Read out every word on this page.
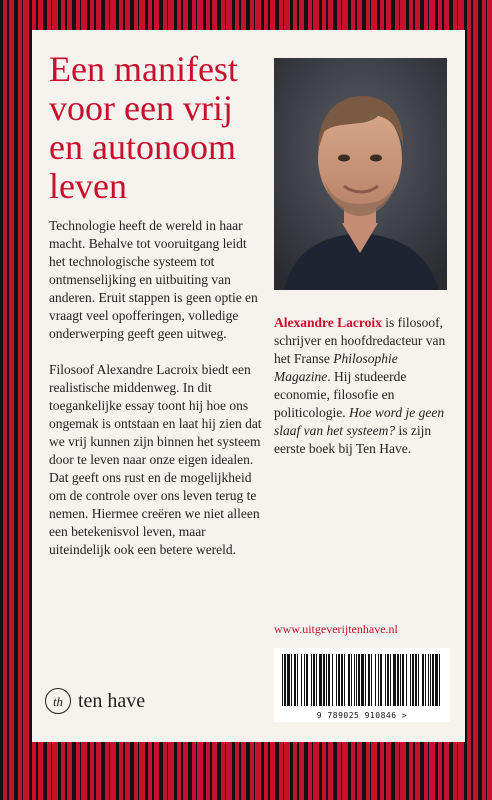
Een manifest voor een vrij en autonoom leven

Technologie heeft de wereld in haar macht. Behalve tot vooruitgang leidt het technologische systeem tot ontmenselijking en uitbuiting van anderen. Eruit stappen is geen optie en vraagt veel opofferingen, volledige onderwerping geeft geen uitweg.

Filosoof Alexandre Lacroix biedt een realistische middenweg. In dit toegankelijke essay toont hij hoe ons ongemak is ontstaan en laat hij zien dat we vrij kunnen zijn binnen het systeem door te leven naar onze eigen idealen. Dat geeft ons rust en de mogelijkheid om de controle over ons leven terug te nemen. Hiermee creëren we niet alleen een betekenisvol leven, maar uiteindelijk ook een betere wereld.

Alexandre Lacroix is filosoof, schrijver en hoofdredacteur van het Franse Philosophie Magazine. Hij studeerde economie, filosofie en politicologie. Hoe word je geen slaaf van het systeem? is zijn eerste boek bij Ten Have.

www.uitgeverijtenhave.nl
9 789025 910846 >
th ten have
